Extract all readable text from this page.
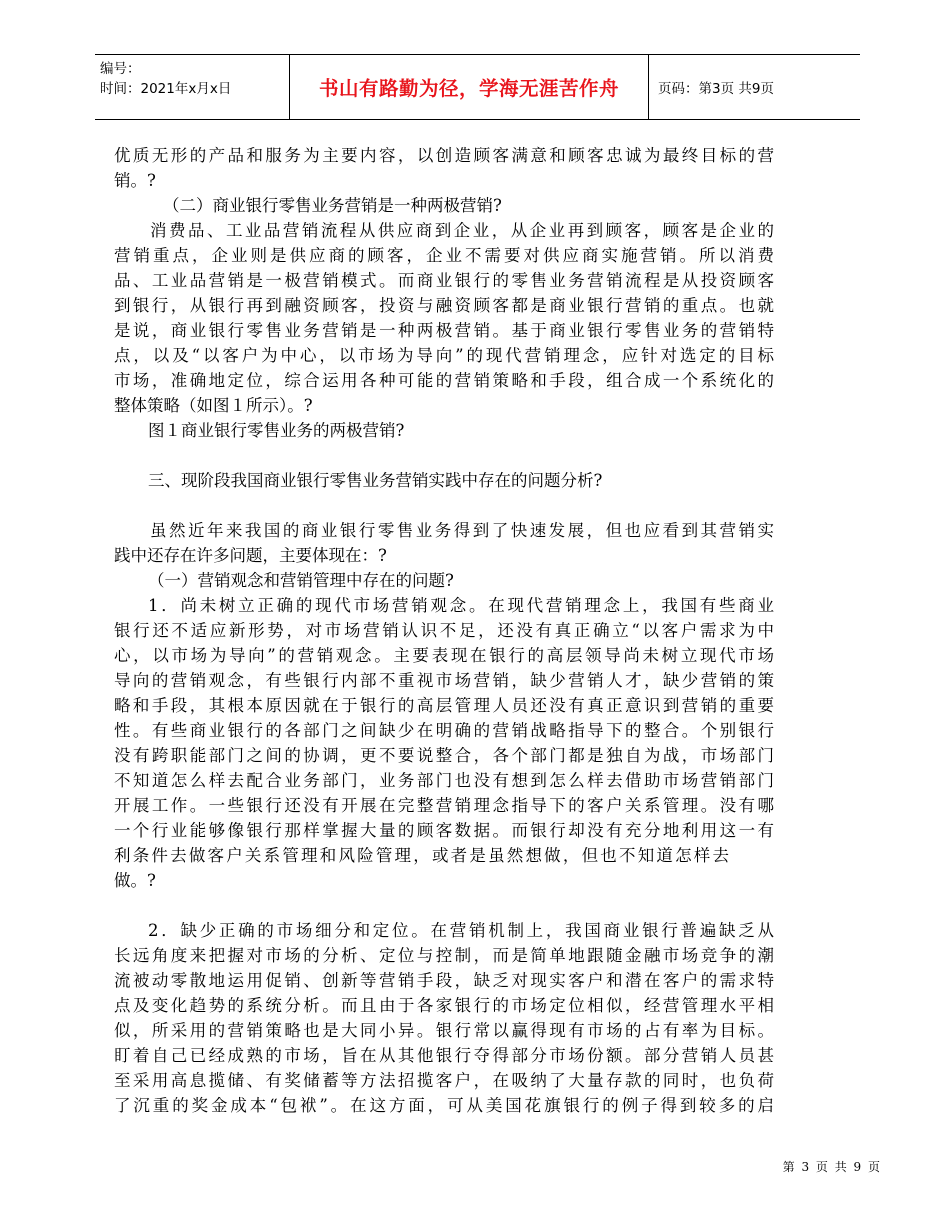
编号：
时间：2021年x月x日	书山有路勤为径，学海无涯苦作舟	页码：第3页 共9页
优质无形的产品和服务为主要内容，以创造顾客满意和顾客忠诚为最终目标的营
销。?
（二）商业银行零售业务营销是一种两极营销?
消费品、工业品营销流程从供应商到企业，从企业再到顾客，顾客是企业的
营销重点，企业则是供应商的顾客，企业不需要对供应商实施营销。所以消费
品、工业品营销是一极营销模式。而商业银行的零售业务营销流程是从投资顾客
到银行，从银行再到融资顾客，投资与融资顾客都是商业银行营销的重点。也就
是说，商业银行零售业务营销是一种两极营销。基于商业银行零售业务的营销特
点，以及“以客户为中心，以市场为导向”的现代营销理念，应针对选定的目标
市场，准确地定位，综合运用各种可能的营销策略和手段，组合成一个系统化的
整体策略（如图１所示）。?
图１商业银行零售业务的两极营销?
三、现阶段我国商业银行零售业务营销实践中存在的问题分析?
虽然近年来我国的商业银行零售业务得到了快速发展，但也应看到其营销实
践中还存在许多问题，主要体现在：?
（一）营销观念和营销管理中存在的问题?
1．尚未树立正确的现代市场营销观念。在现代营销理念上，我国有些商业
银行还不适应新形势，对市场营销认识不足，还没有真正确立“以客户需求为中
心，以市场为导向”的营销观念。主要表现在银行的高层领导尚未树立现代市场
导向的营销观念，有些银行内部不重视市场营销，缺少营销人才，缺少营销的策
略和手段，其根本原因就在于银行的高层管理人员还没有真正意识到营销的重要
性。有些商业银行的各部门之间缺少在明确的营销战略指导下的整合。个别银行
没有跨职能部门之间的协调，更不要说整合，各个部门都是独自为战，市场部门
不知道怎么样去配合业务部门，业务部门也没有想到怎么样去借助市场营销部门
开展工作。一些银行还没有开展在完整营销理念指导下的客户关系管理。没有哪
一个行业能够像银行那样掌握大量的顾客数据。而银行却没有充分地利用这一有
利条件去做客户关系管理和风险管理，或者是虽然想做，但也不知道怎样去
做。?
2．缺少正确的市场细分和定位。在营销机制上，我国商业银行普遍缺乏从
长远角度来把握对市场的分析、定位与控制，而是简单地跟随金融市场竞争的潮
流被动零散地运用促销、创新等营销手段，缺乏对现实客户和潜在客户的需求特
点及变化趋势的系统分析。而且由于各家银行的市场定位相似，经营管理水平相
似，所采用的营销策略也是大同小异。银行常以赢得现有市场的占有率为目标。
盯着自己已经成熟的市场，旨在从其他银行夺得部分市场份额。部分营销人员甚
至采用高息揽储、有奖储蓄等方法招揽客户，在吸纳了大量存款的同时，也负荷
了沉重的奖金成本“包袱”。在这方面，可从美国花旗银行的例子得到较多的启
第 3 页 共 9 页
